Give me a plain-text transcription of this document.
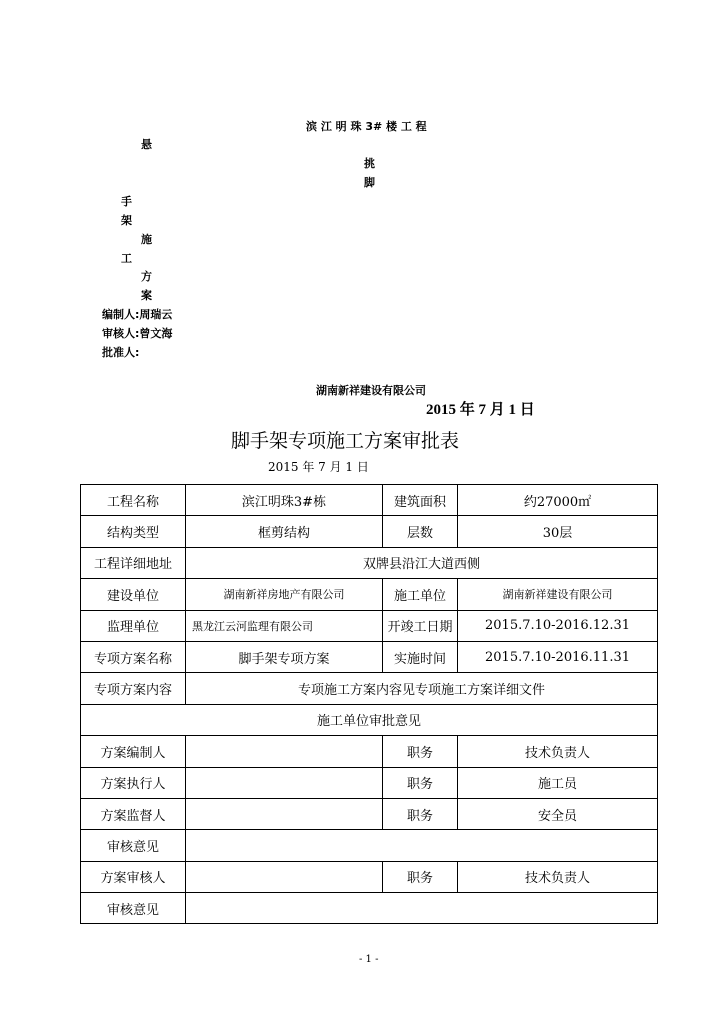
滨 江 明 珠 3# 楼 工 程
悬
挑
脚
手
架
施
工
方
案
编制人:周瑞云
审核人:曾文海
批准人:
湖南新祥建设有限公司
2015 年 7 月 1 日
脚手架专项施工方案审批表
2015 年 7 月 1 日
工程名称	滨江明珠3#栋	建筑面积	约27000㎡
结构类型	框剪结构	层数	30层
工程详细地址	双牌县沿江大道西侧		
建设单位	湖南新祥房地产有限公司	施工单位	湖南新祥建设有限公司
监理单位	黑龙江云河监理有限公司	开竣工日期	2015.7.10-2016.12.31
专项方案名称	脚手架专项方案	实施时间	2015.7.10-2016.11.31
专项方案内容	专项施工方案内容见专项施工方案详细文件		
施工单位审批意见			
方案编制人		职务	技术负责人
方案执行人		职务	施工员
方案监督人		职务	安全员
审核意见			
方案审核人		职务	技术负责人
审核意见			
- 1 -
